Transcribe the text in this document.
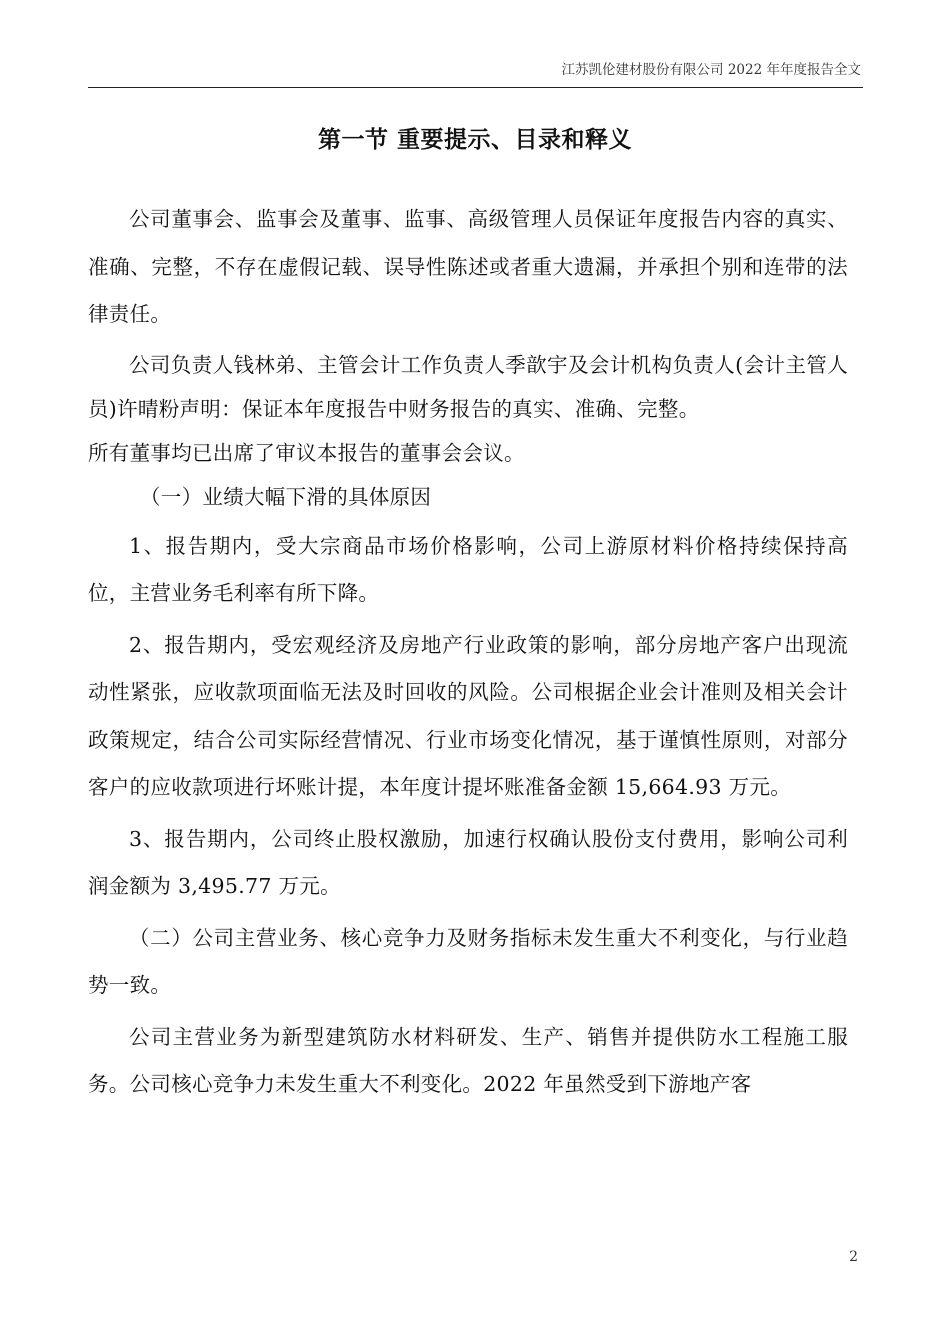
江苏凯伦建材股份有限公司 2022 年年度报告全文
第一节 重要提示、目录和释义

公司董事会、监事会及董事、监事、高级管理人员保证年度报告内容的真实、准确、完整，不存在虚假记载、误导性陈述或者重大遗漏，并承担个别和连带的法律责任。

公司负责人钱林弟、主管会计工作负责人季歆宇及会计机构负责人(会计主管人员)许晴粉声明：保证本年度报告中财务报告的真实、准确、完整。

所有董事均已出席了审议本报告的董事会会议。

（一）业绩大幅下滑的具体原因

1、报告期内，受大宗商品市场价格影响，公司上游原材料价格持续保持高位，主营业务毛利率有所下降。

2、报告期内，受宏观经济及房地产行业政策的影响，部分房地产客户出现流动性紧张，应收款项面临无法及时回收的风险。公司根据企业会计准则及相关会计政策规定，结合公司实际经营情况、行业市场变化情况，基于谨慎性原则，对部分客户的应收款项进行坏账计提，本年度计提坏账准备金额 15,664.93 万元。

3、报告期内，公司终止股权激励，加速行权确认股份支付费用，影响公司利润金额为 3,495.77 万元。

（二）公司主营业务、核心竞争力及财务指标未发生重大不利变化，与行业趋势一致。

公司主营业务为新型建筑防水材料研发、生产、销售并提供防水工程施工服务。公司核心竞争力未发生重大不利变化。2022 年虽然受到下游地产客

2
